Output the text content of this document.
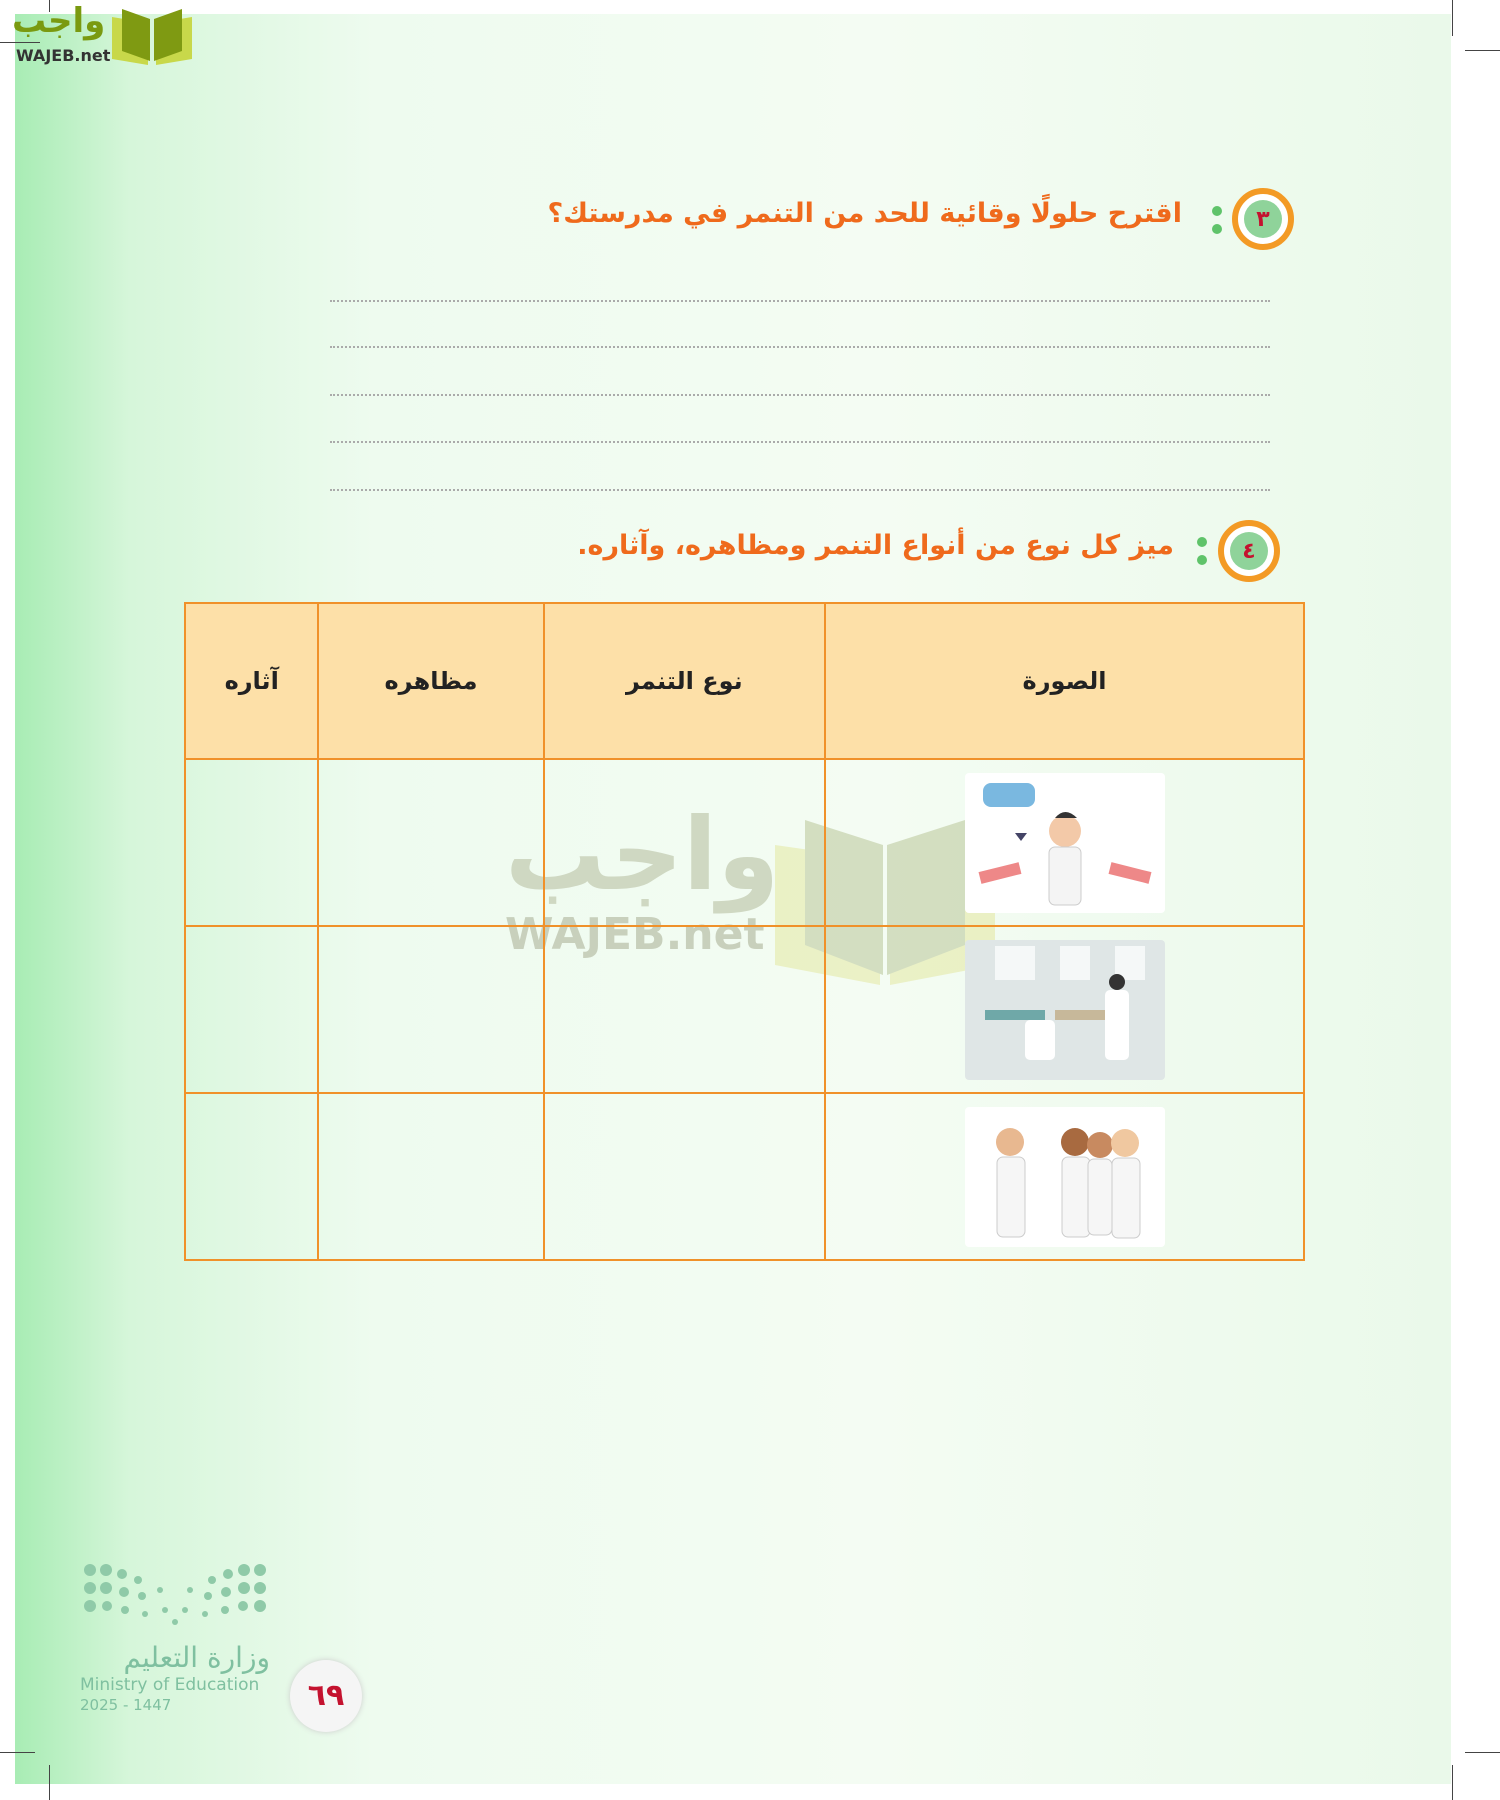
واجب
WAJEB.net
٣
اقترح حلولًا وقائية للحد من التنمر في مدرستك؟
٤
ميز كل نوع من أنواع التنمر ومظاهره، وآثاره.
واجب
WAJEB.net
الصورة	نوع التنمر	مظاهره	آثاره

وزارة التعليم
Ministry of Education
2025 - 1447	٦٩
